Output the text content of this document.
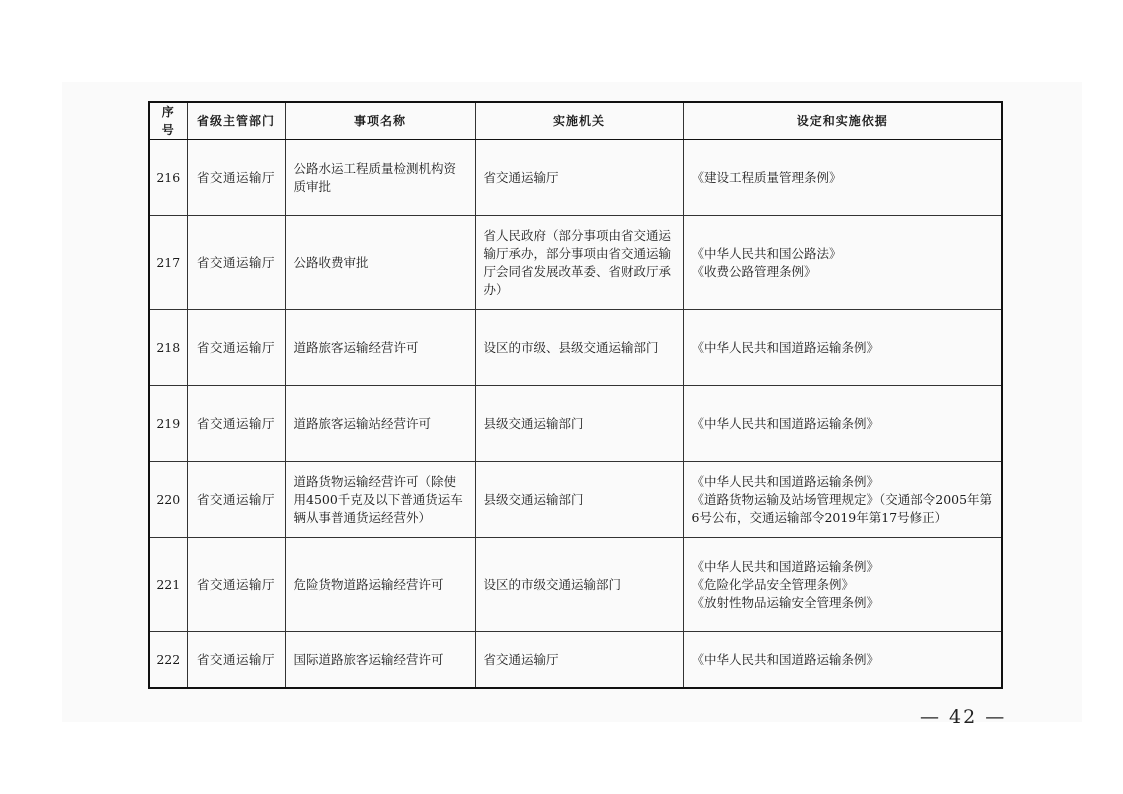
序号	省级主管部门	事项名称	实施机关	设定和实施依据
216	省交通运输厅	公路水运工程质量检测机构资质审批	省交通运输厅	《建设工程质量管理条例》

217	省交通运输厅	公路收费审批	省人民政府（部分事项由省交通运输厅承办，部分事项由省交通运输厅会同省发展改革委、省财政厅承办）	《中华人民共和国公路法》
《收费公路管理条例》

218	省交通运输厅	道路旅客运输经营许可	设区的市级、县级交通运输部门	《中华人民共和国道路运输条例》

219	省交通运输厅	道路旅客运输站经营许可	县级交通运输部门	《中华人民共和国道路运输条例》

220	省交通运输厅	道路货物运输经营许可（除使用4500千克及以下普通货运车辆从事普通货运经营外）	县级交通运输部门	《中华人民共和国道路运输条例》
《道路货物运输及站场管理规定》（交通部令2005年第6号公布，交通运输部令2019年第17号修正）

221	省交通运输厅	危险货物道路运输经营许可	设区的市级交通运输部门	《中华人民共和国道路运输条例》
《危险化学品安全管理条例》
《放射性物品运输安全管理条例》

222	省交通运输厅	国际道路旅客运输经营许可	省交通运输厅	《中华人民共和国道路运输条例》
— 42 —
